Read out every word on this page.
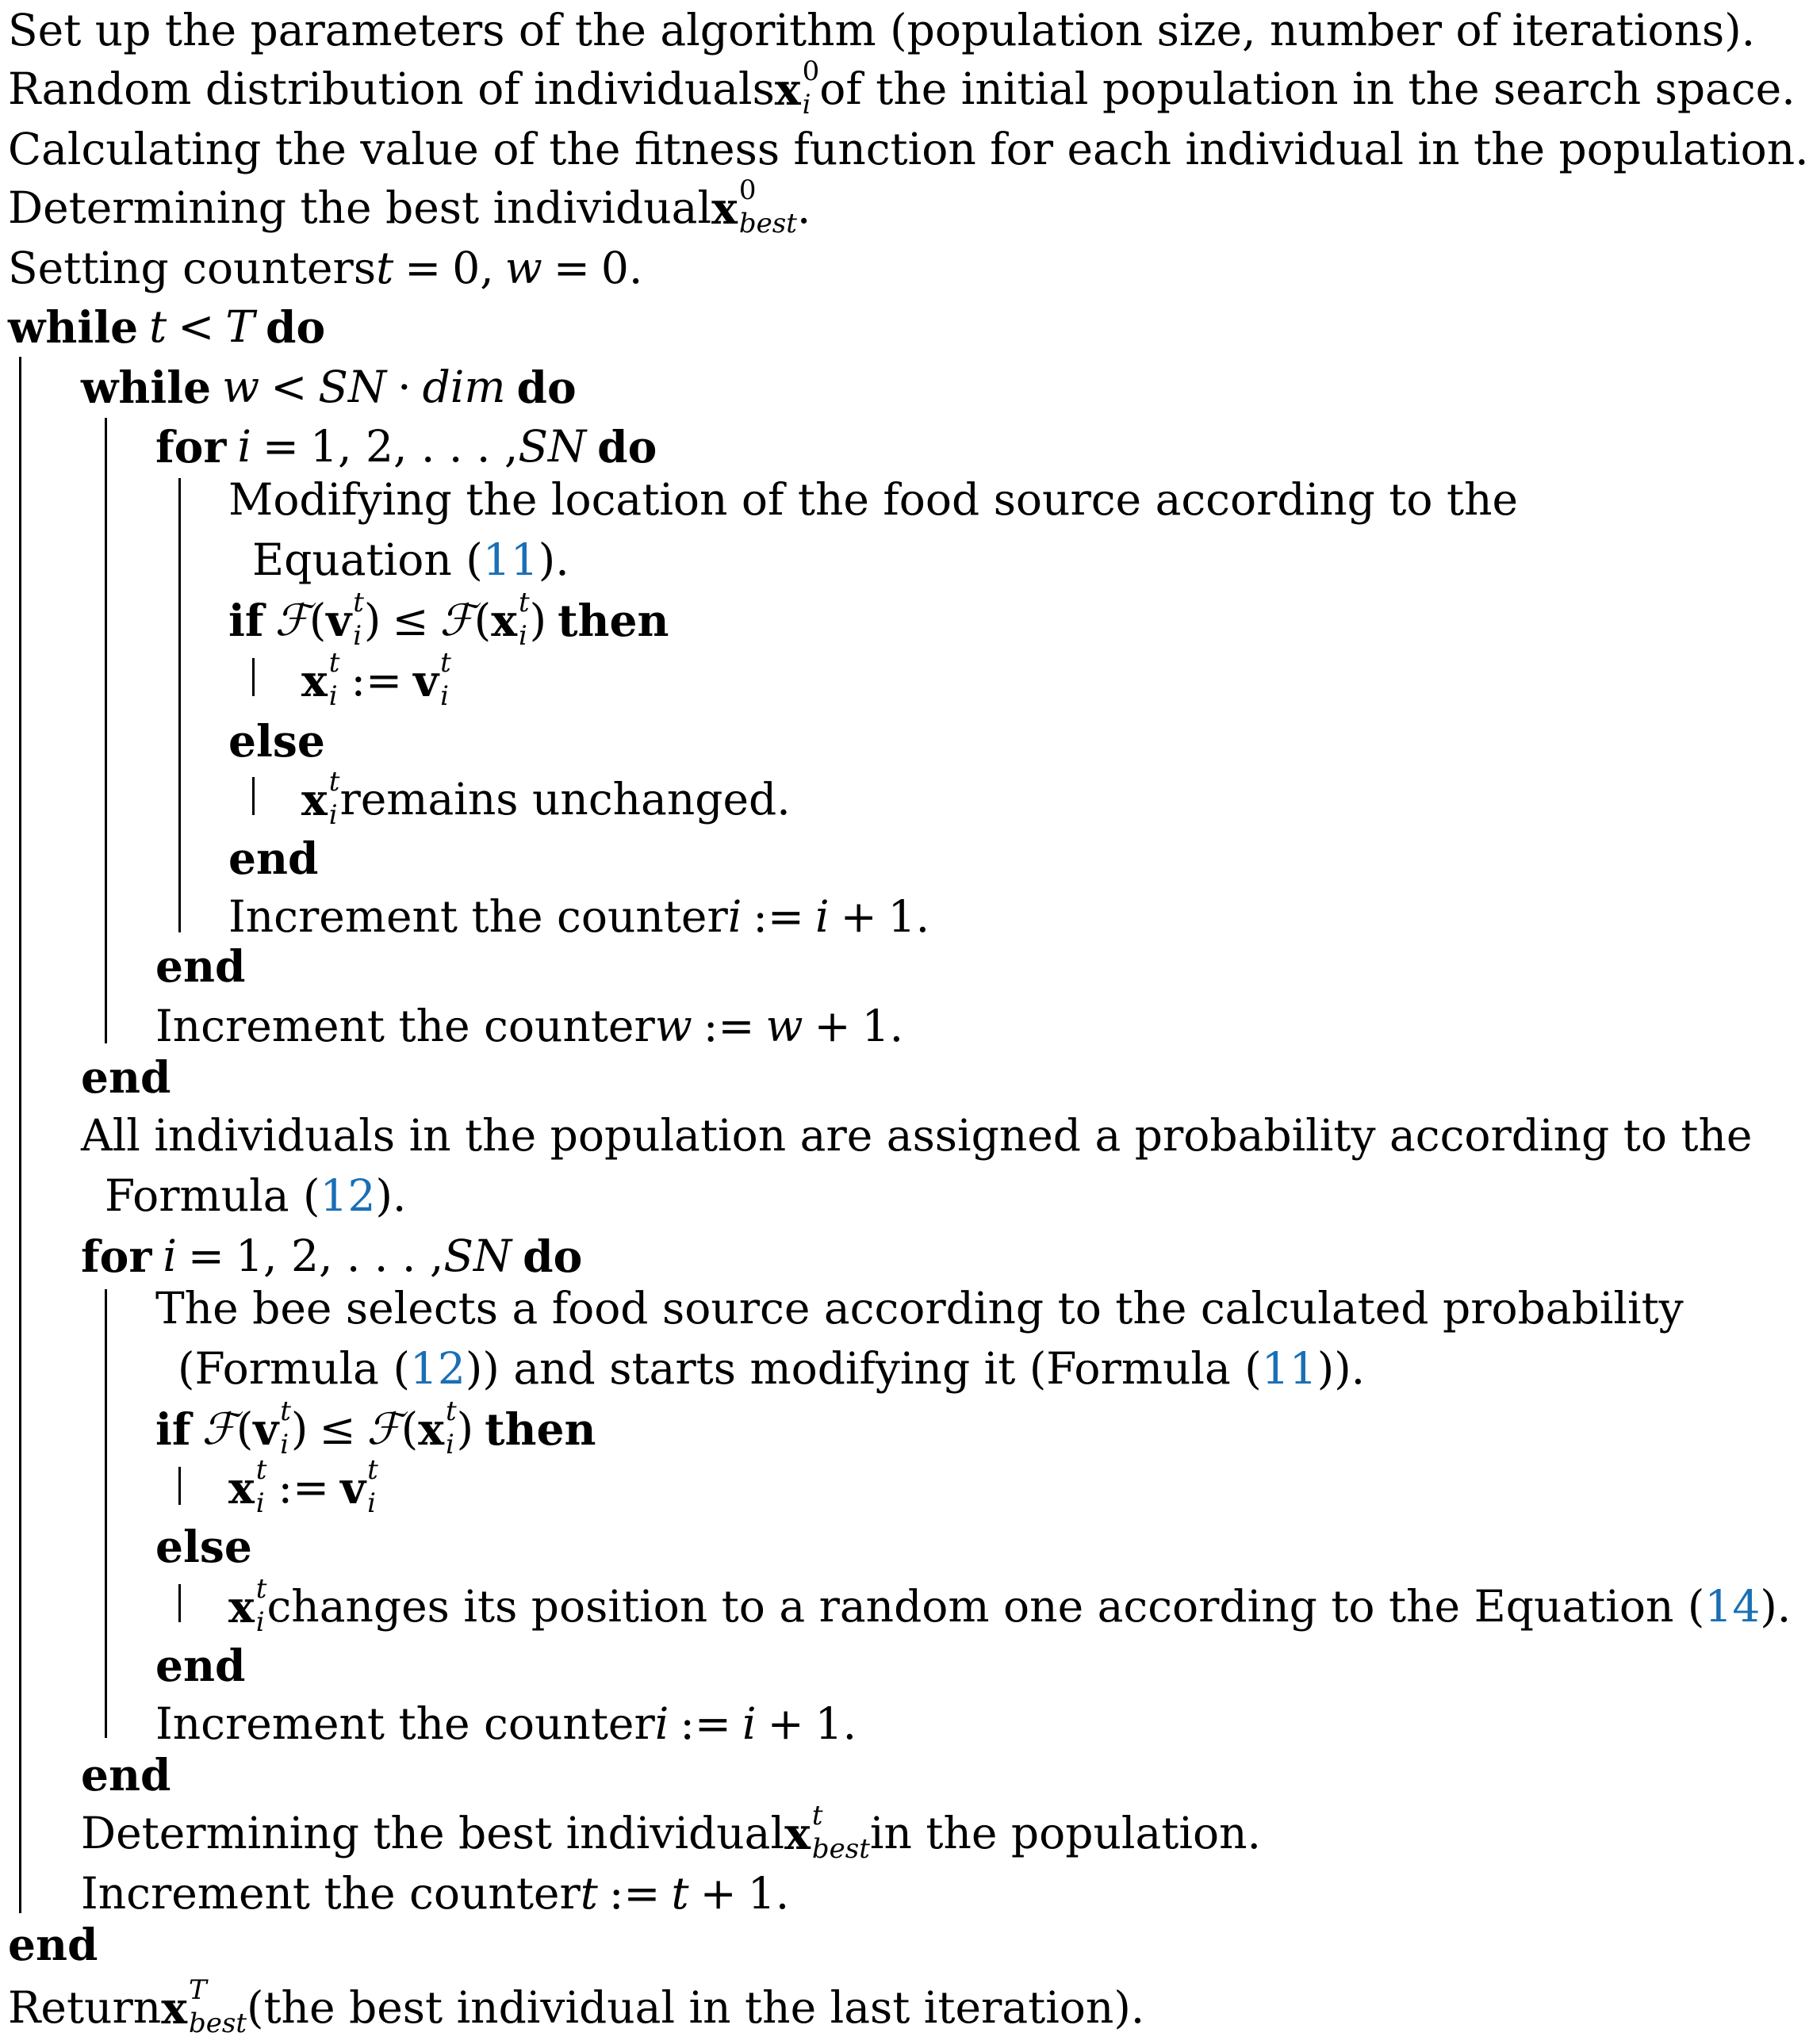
Set up the parameters of the algorithm (population size, number of iterations).
Random distribution of individuals x 0
i of the initial population in the search space.
Calculating the value of the fitness function for each individual in the population.
Determining the best individual x 0
best .
Setting counters t = 0 , w = 0 .
while t < T do
while w < SN · dim do
for i = 1, 2, . . . , SN do
Modifying the location of the food source according to the
Equation ( 11 ).
if ℱ ( v t
i ) ≤ ℱ ( x t
i ) then
x t
i := v t
i
else
x t
i remains unchanged.
end
Increment the counter i := i + 1 .
end
Increment the counter w := w + 1 .
end
All individuals in the population are assigned a probability according to the
Formula ( 12 ).
for i = 1, 2, . . . , SN do
The bee selects a food source according to the calculated probability
(Formula ( 12 )) and starts modifying it (Formula ( 11 )).
if ℱ ( v t
i ) ≤ ℱ ( x t
i ) then
x t
i := v t
i
else
x t
i changes its position to a random one according to the Equation ( 14 ).
end
Increment the counter i := i + 1 .
end
Determining the best individual x t
best in the population.
Increment the counter t := t + 1 .
end
Return x T
best (the best individual in the last iteration).
